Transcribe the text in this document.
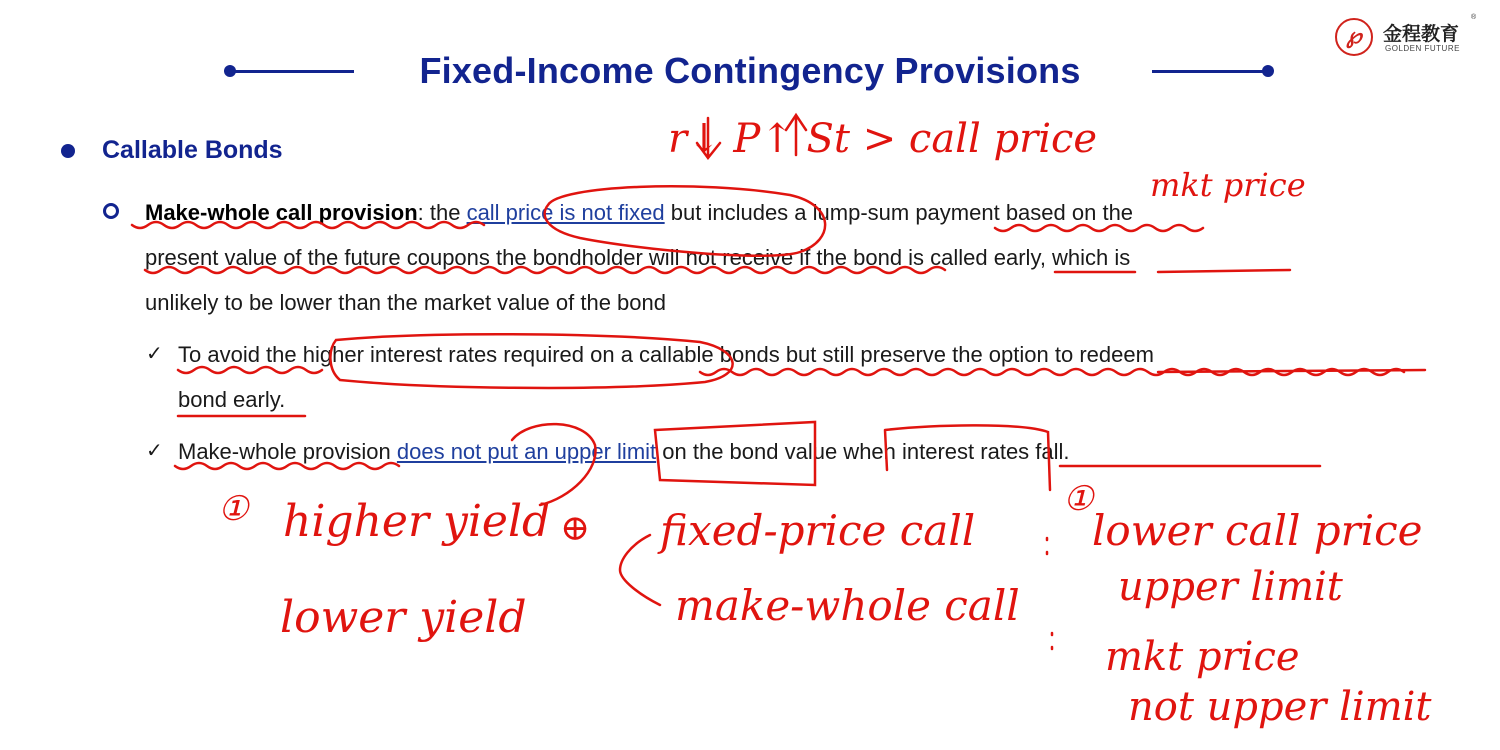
Fixed-Income Contingency Provisions
℘	金程教育
GOLDEN FUTURE
®
Callable Bonds
Make-whole call provision: the call price is not fixed but includes a lump-sum payment based on the
present value of the future coupons the bondholder will not receive if the bond is called early, which is
unlikely to be lower than the market value of the bond
✓ To avoid the higher interest rates required on a callable bonds but still preserve the option to redeem
bond early.
✓ Make-whole provision does not put an upper limit on the bond value when interest rates fall.
r↓ P↑ St > call price
mkt price
① higher yield
lower yield
⊕ fixed-price call
make-whole call
①
lower call price
upper limit
mkt price
not upper limit
